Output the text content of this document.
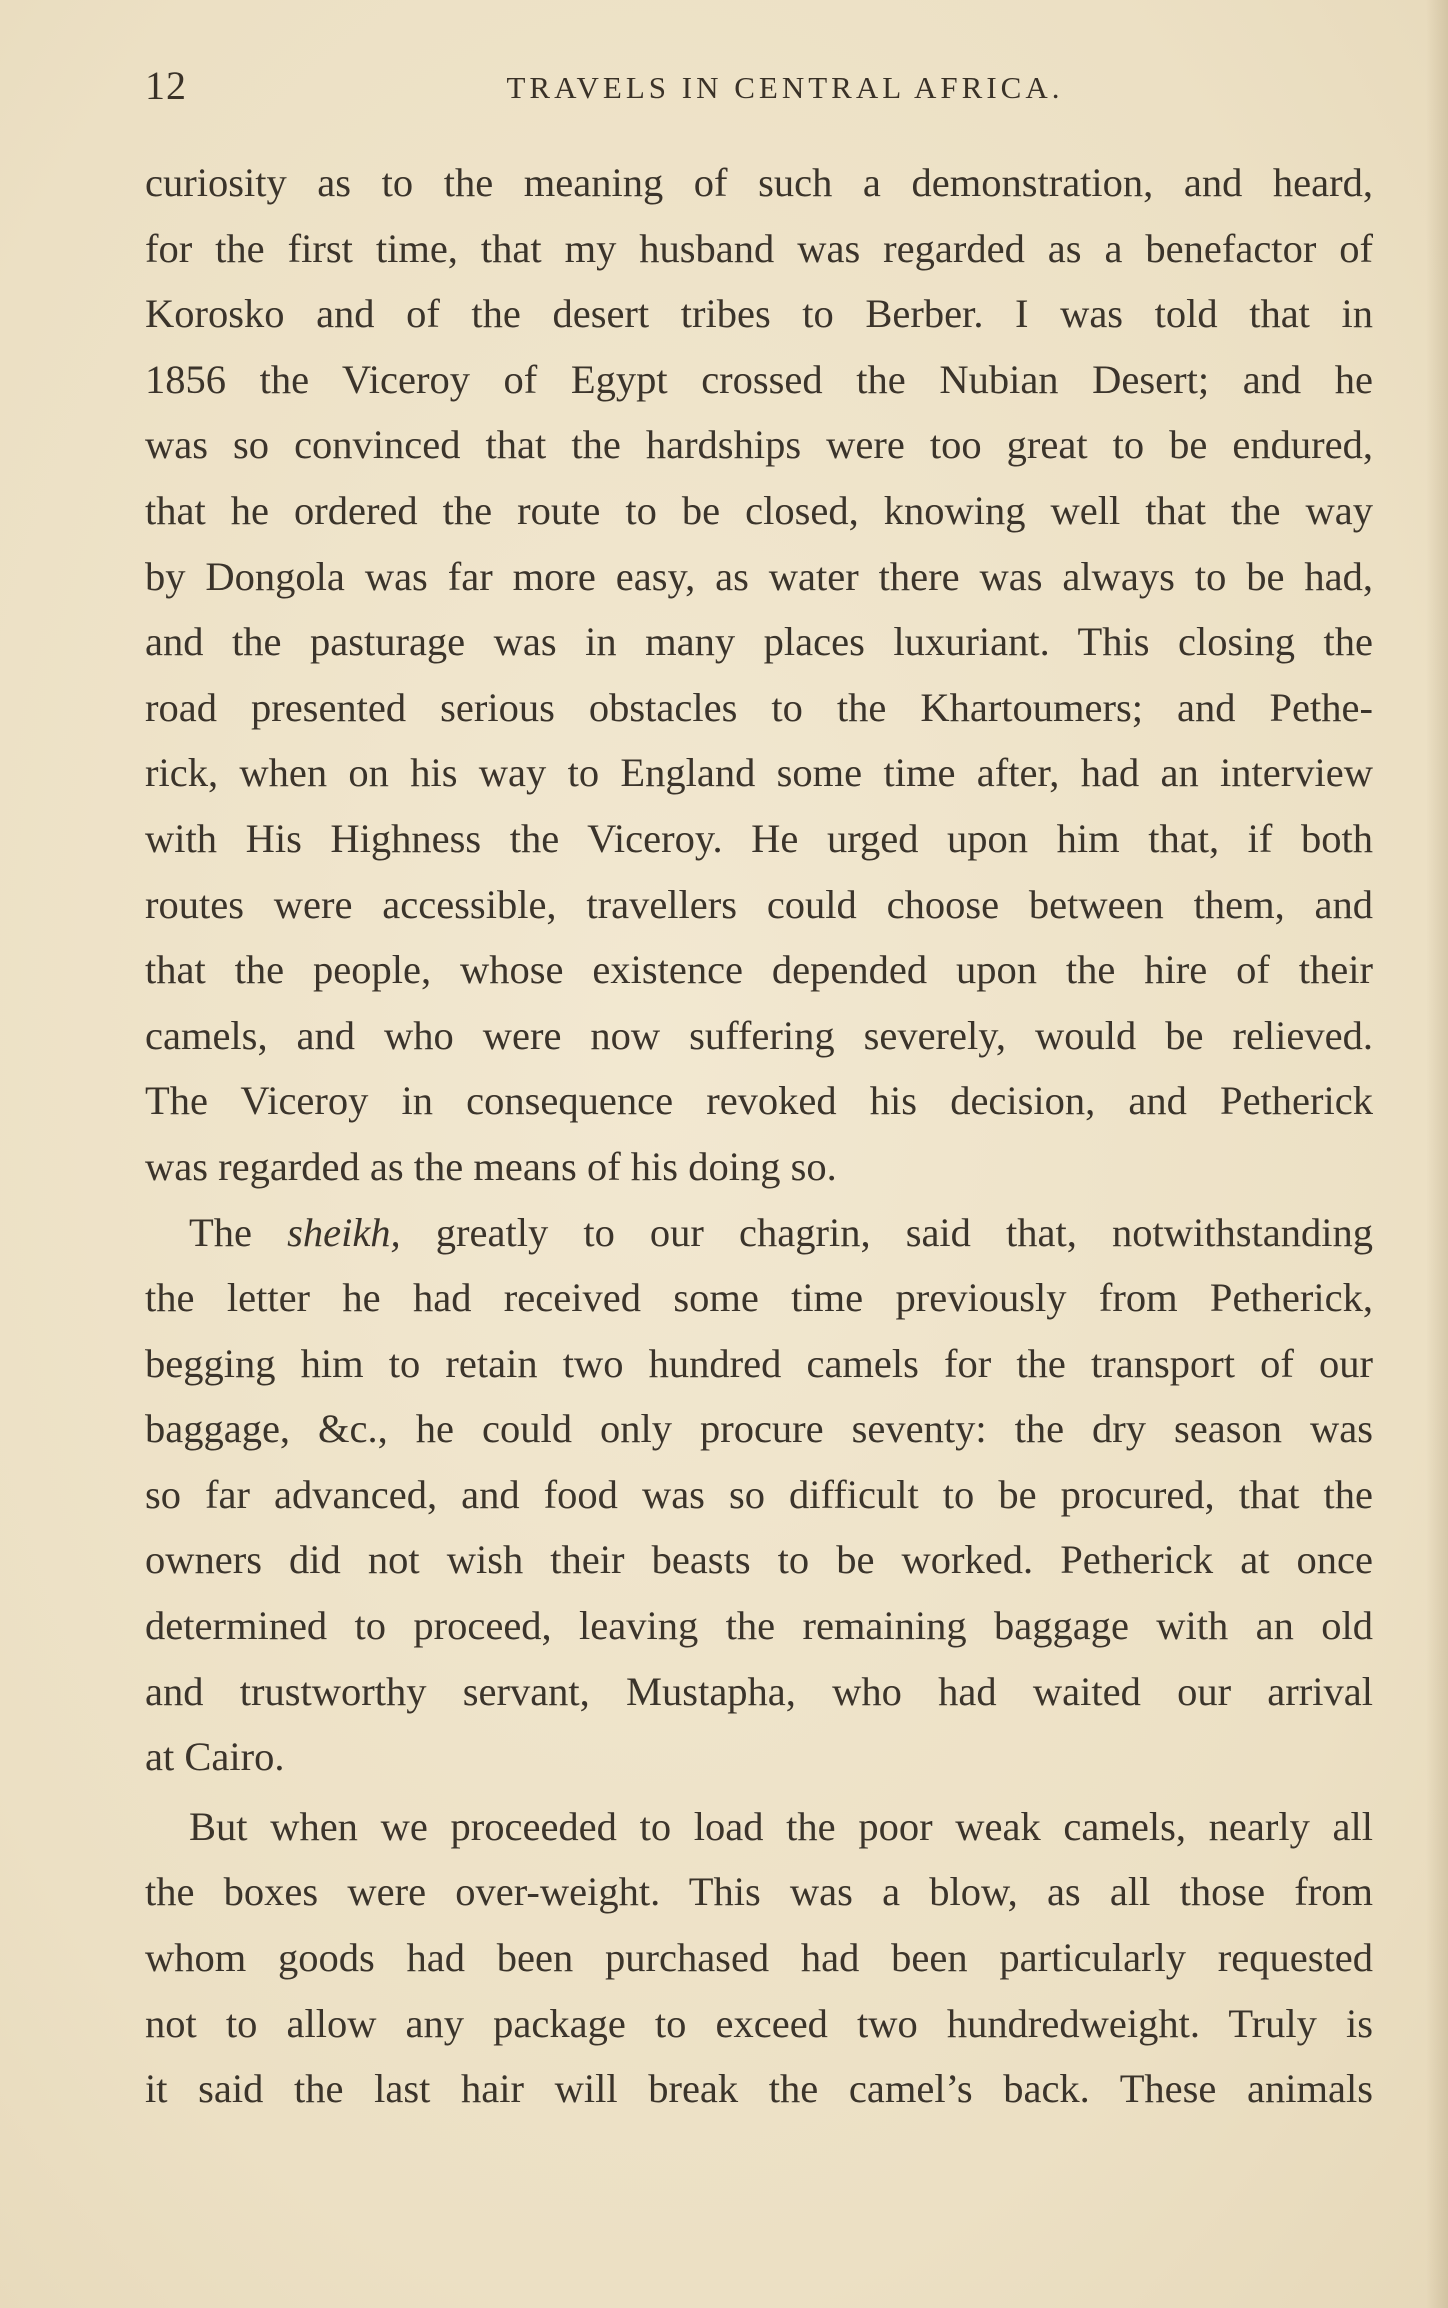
12	TRAVELS IN CENTRAL AFRICA.
curiosity as to the meaning of such a demonstration, and heard,
for the first time, that my husband was regarded as a benefactor of
Korosko and of the desert tribes to Berber. I was told that in
1856 the Viceroy of Egypt crossed the Nubian Desert; and he
was so convinced that the hardships were too great to be endured,
that he ordered the route to be closed, knowing well that the way
by Dongola was far more easy, as water there was always to be had,
and the pasturage was in many places luxuriant. This closing the
road presented serious obstacles to the Khartoumers; and Pethe-
rick, when on his way to England some time after, had an interview
with His Highness the Viceroy. He urged upon him that, if both
routes were accessible, travellers could choose between them, and
that the people, whose existence depended upon the hire of their
camels, and who were now suffering severely, would be relieved.
The Viceroy in consequence revoked his decision, and Petherick
was regarded as the means of his doing so.
The sheikh, greatly to our chagrin, said that, notwithstanding
the letter he had received some time previously from Petherick,
begging him to retain two hundred camels for the transport of our
baggage, &c., he could only procure seventy: the dry season was
so far advanced, and food was so difficult to be procured, that the
owners did not wish their beasts to be worked. Petherick at once
determined to proceed, leaving the remaining baggage with an old
and trustworthy servant, Mustapha, who had waited our arrival
at Cairo.
But when we proceeded to load the poor weak camels, nearly all
the boxes were over-weight. This was a blow, as all those from
whom goods had been purchased had been particularly requested
not to allow any package to exceed two hundredweight. Truly is
it said the last hair will break the camel’s back. These animals
